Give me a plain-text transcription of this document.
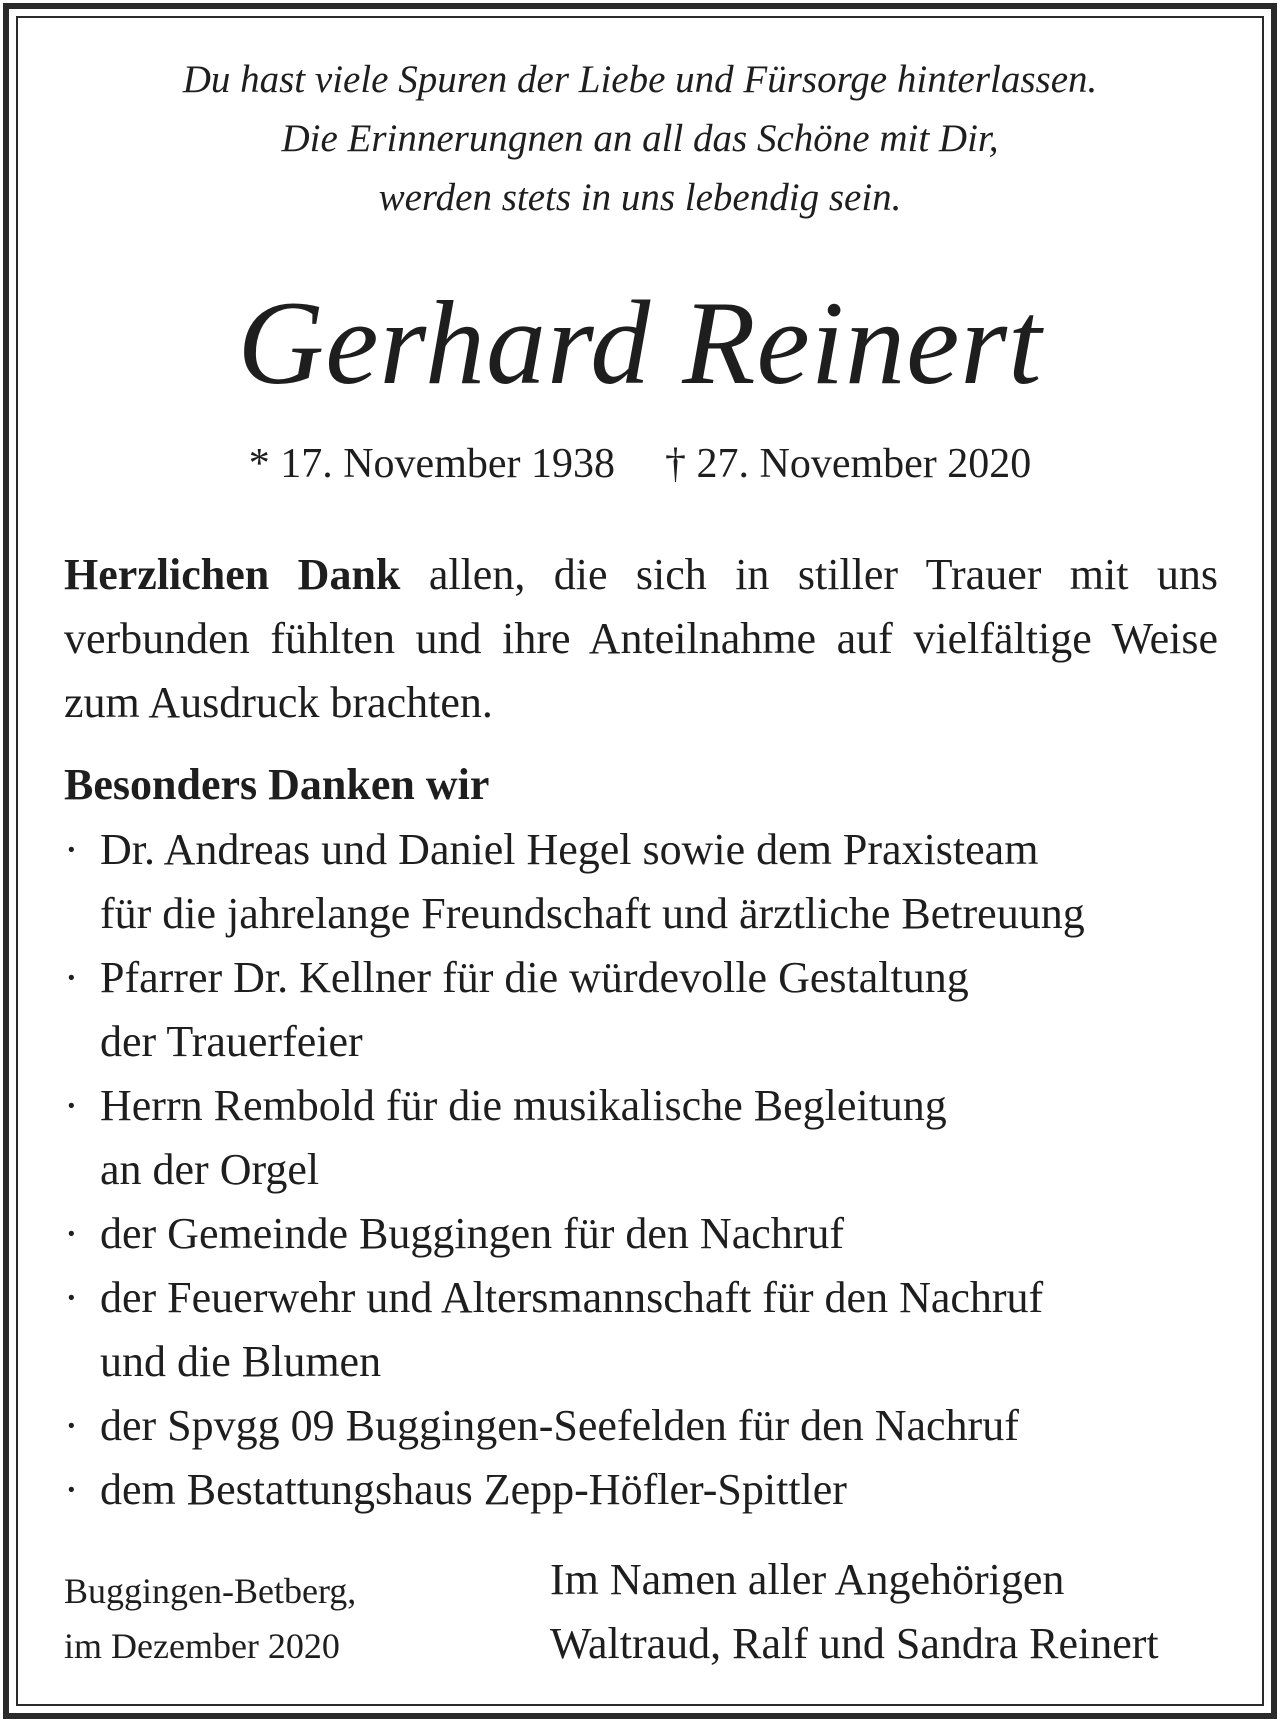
Du hast viele Spuren der Liebe und Fürsorge hinterlassen.
Die Erinnerungnen an all das Schöne mit Dir,
werden stets in uns lebendig sein.
Gerhard Reinert
* 17. November 1938 † 27. November 2020
Herzlichen Dank allen, die sich in stiller Trauer mit uns verbunden fühlten und ihre Anteilnahme auf vielfältige Weise zum Ausdruck brachten.
Besonders Danken wir
· Dr. Andreas und Daniel Hegel sowie dem Praxisteam
für die jahrelange Freundschaft und ärztliche Betreuung
· Pfarrer Dr. Kellner für die würdevolle Gestaltung
der Trauerfeier
· Herrn Rembold für die musikalische Begleitung
an der Orgel
· der Gemeinde Buggingen für den Nachruf
· der Feuerwehr und Altersmannschaft für den Nachruf
und die Blumen
· der Spvgg 09 Buggingen-Seefelden für den Nachruf
· dem Bestattungshaus Zepp-Höfler-Spittler
Buggingen-Betberg,
im Dezember 2020
Im Namen aller Angehörigen
Waltraud, Ralf und Sandra Reinert
